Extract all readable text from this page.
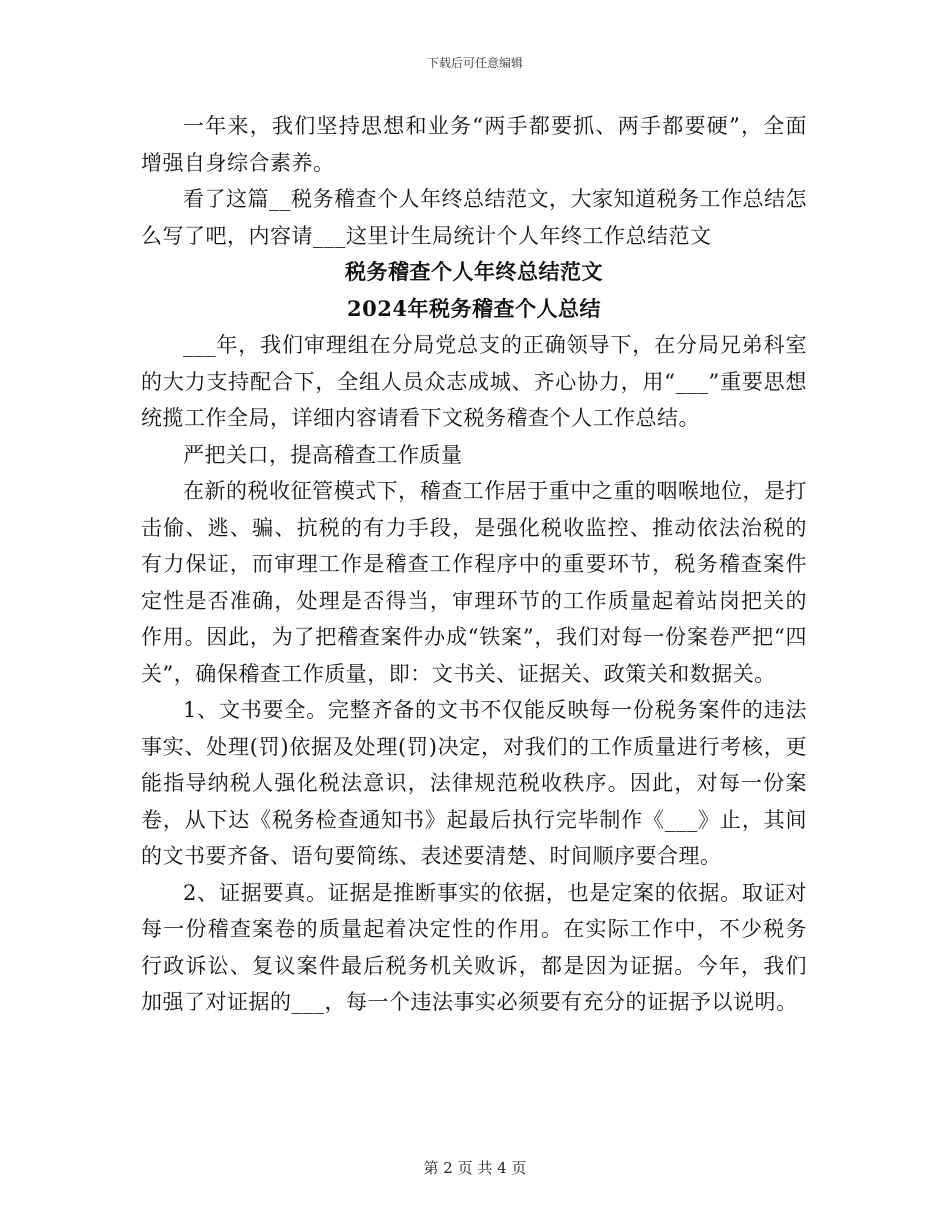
下载后可任意编辑

一年来，我们坚持思想和业务“两手都要抓、两手都要硬”，全面增强自身综合素养。

看了这篇__税务稽查个人年终总结范文，大家知道税务工作总结怎么写了吧，内容请___这里计生局统计个人年终工作总结范文

税务稽查个人年终总结范文

2024年税务稽查个人总结

___年，我们审理组在分局党总支的正确领导下，在分局兄弟科室的大力支持配合下，全组人员众志成城、齐心协力，用“___”重要思想统揽工作全局，详细内容请看下文税务稽查个人工作总结。

严把关口，提高稽查工作质量

在新的税收征管模式下，稽查工作居于重中之重的咽喉地位，是打击偷、逃、骗、抗税的有力手段，是强化税收监控、推动依法治税的有力保证，而审理工作是稽查工作程序中的重要环节，税务稽查案件定性是否准确，处理是否得当，审理环节的工作质量起着站岗把关的作用。因此，为了把稽查案件办成“铁案”，我们对每一份案卷严把“四关”，确保稽查工作质量，即：文书关、证据关、政策关和数据关。

1、文书要全。完整齐备的文书不仅能反映每一份税务案件的违法事实、处理(罚)依据及处理(罚)决定，对我们的工作质量进行考核，更能指导纳税人强化税法意识，法律规范税收秩序。因此，对每一份案卷，从下达《税务检查通知书》起最后执行完毕制作《___》止，其间的文书要齐备、语句要简练、表述要清楚、时间顺序要合理。

2、证据要真。证据是推断事实的依据，也是定案的依据。取证对每一份稽查案卷的质量起着决定性的作用。在实际工作中，不少税务行政诉讼、复议案件最后税务机关败诉，都是因为证据。今年，我们加强了对证据的___，每一个违法事实必须要有充分的证据予以说明。

第 2 页 共 4 页
